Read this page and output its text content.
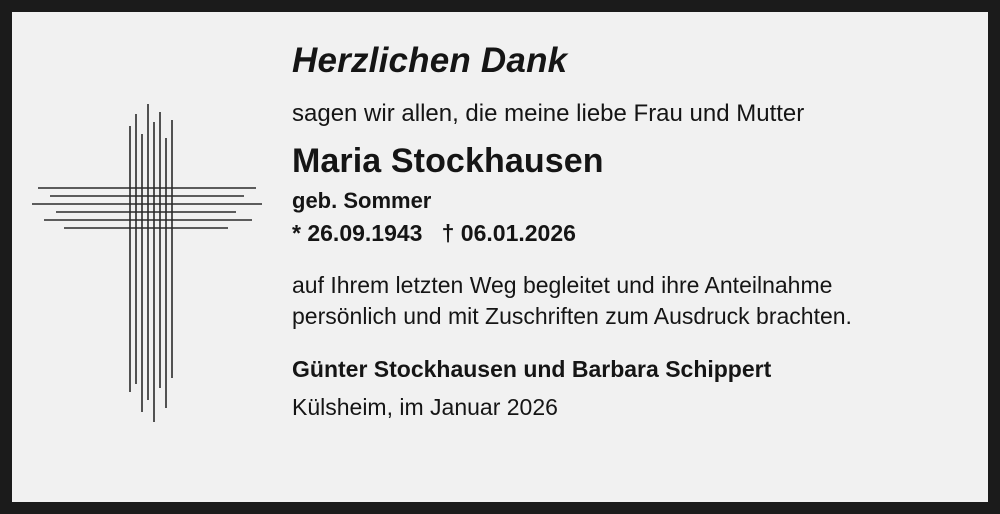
Herzlichen Dank

sagen wir allen, die meine liebe Frau und Mutter

Maria Stockhausen

geb. Sommer

* 26.09.1943   † 06.01.2026

auf Ihrem letzten Weg begleitet und ihre Anteilnahme
persönlich und mit Zuschriften zum Ausdruck brachten.

Günter Stockhausen und Barbara Schippert

Külsheim, im Januar 2026
